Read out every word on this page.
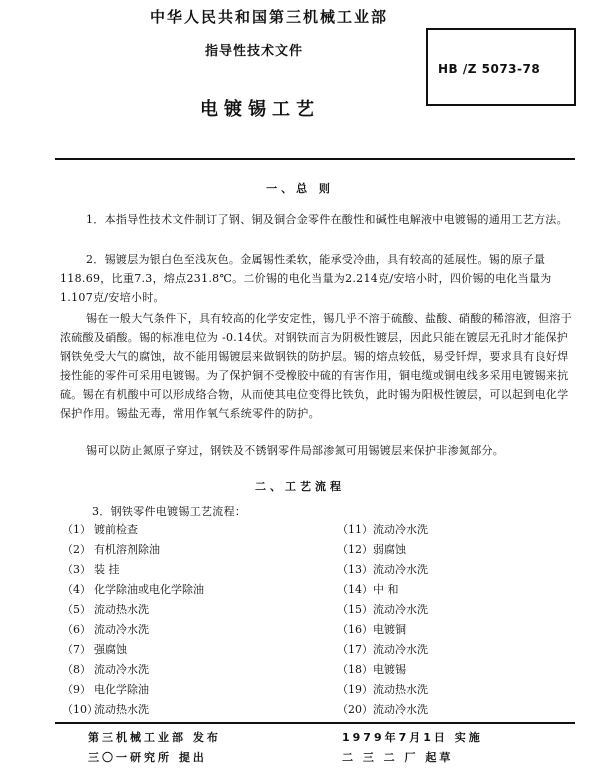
中华人民共和国第三机械工业部
指导性技术文件
HB /Z 5073-78
电镀锡工艺
一、总 则

1．本指导性技术文件制订了钢、铜及铜合金零件在酸性和碱性电解液中电镀锡的通用工艺方法。

2．锡镀层为银白色至浅灰色。金属锡性柔软，能承受冷曲，具有较高的延展性。锡的原子量118.69，比重7.3，熔点231.8℃。二价锡的电化当量为2.214克/安培小时，四价锡的电化当量为1.107克/安培小时。

锡在一般大气条件下，具有较高的化学安定性，锡几乎不溶于硫酸、盐酸、硝酸的稀溶液，但溶于浓硫酸及硝酸。锡的标准电位为 -0.14伏。对钢铁而言为阴极性镀层，因此只能在镀层无孔时才能保护钢铁免受大气的腐蚀，故不能用锡镀层来做钢铁的防护层。锡的熔点较低，易受钎焊，要求具有良好焊接性能的零件可采用电镀锡。为了保护铜不受橡胶中硫的有害作用，铜电缆或铜电线多采用电镀锡来抗硫。锡在有机酸中可以形成络合物，从而使其电位变得比铁负，此时锡为阳极性镀层，可以起到电化学保护作用。锡盐无毒，常用作氧气系统零件的防护。

锡可以防止氮原子穿过，钢铁及不锈钢零件局部渗氮可用锡镀层来保护非渗氮部分。

二、工艺流程

3．钢铁零件电镀锡工艺流程：

（1） 镀前检查
（2） 有机溶剂除油
（3） 装 挂
（4） 化学除油或电化学除油
（5） 流动热水洗
（6） 流动冷水洗
（7） 强腐蚀
（8） 流动冷水洗
（9） 电化学除油
（10）流动热水洗
（11）流动冷水洗
（12）弱腐蚀
（13）流动冷水洗
（14）中 和
（15）流动冷水洗
（16）电镀铜
（17）流动冷水洗
（18）电镀锡
（19）流动热水洗
（20）流动冷水洗
第三机械工业部 发布	1979年7月1日 实施
三〇一研究所 提出	二 三 二 厂 起草
